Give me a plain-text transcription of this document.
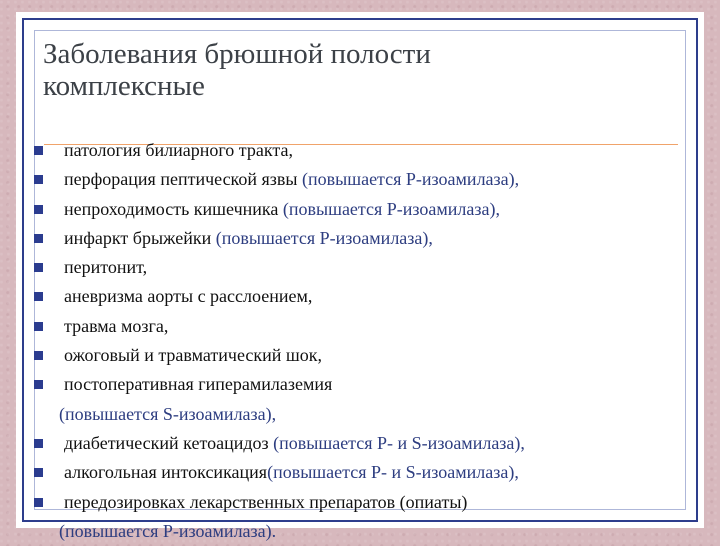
Заболевания брюшной полости
комплексные
патология билиарного тракта,
перфорация пептической язвы (повышается Р-изоамилаза),
непроходимость кишечника (повышается Р-изоамилаза),
инфаркт брыжейки (повышается Р-изоамилаза),
перитонит,
аневризма аорты с расслоением,
травма мозга,
ожоговый и травматический шок,
постоперативная гиперамилаземия
(повышается S-изоамилаза),
диабетический кетоацидоз (повышается Р- и S-изоамилаза),
алкогольная интоксикация(повышается Р- и S-изоамилаза),
передозировках лекарственных препаратов (опиаты)
(повышается Р-изоамилаза).
